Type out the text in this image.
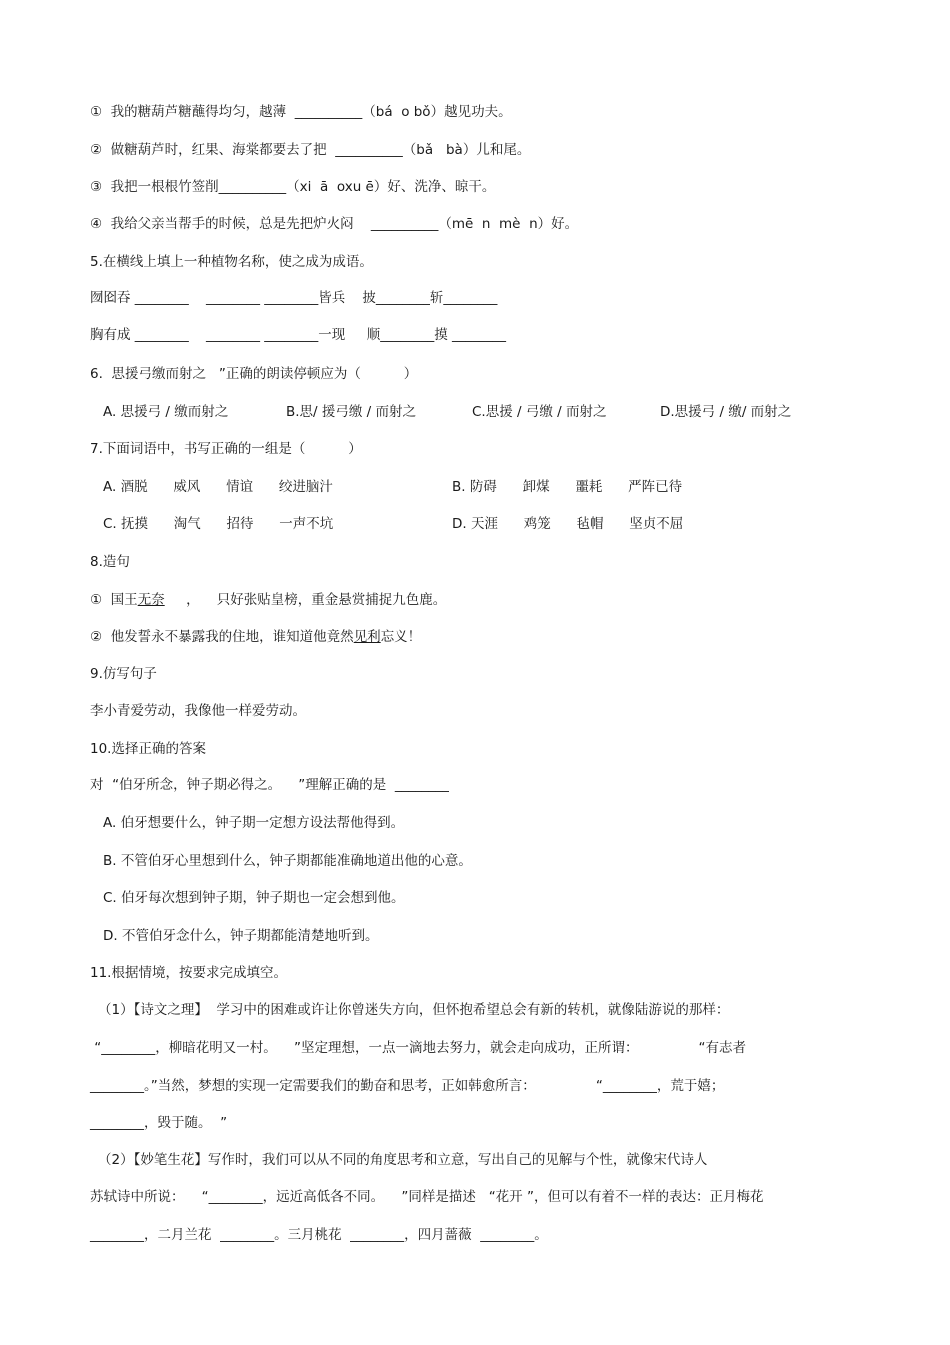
①  我的糖葫芦糖蘸得均匀，越薄  __________（bá  o bǒ）越见功夫。
②  做糖葫芦时，红果、海棠都要去了把  __________（bǎ   bà）儿和尾。
③  我把一根根竹签削__________（xi  ā  oxu ē）好、洗净、晾干。
④  我给父亲当帮手的时候，总是先把炉火闷    __________（mē  n  mè  n）好。
5.在横线上填上一种植物名称，使之成为成语。
囫囵吞 ________    ________ ________皆兵    披________斩________
胸有成 ________    ________ ________一现     顺________摸 ________
6.  思援弓缴而射之   ”正确的朗读停顿应为（          ）
A. 思援弓 / 缴而射之	B.思/ 援弓缴 / 而射之	C.思援 / 弓缴 / 而射之	D.思援弓 / 缴/ 而射之
7.下面词语中，书写正确的一组是（          ）
A. 酒脱      威风      情谊      绞进脑汁	B. 防碍      卸煤      噩耗      严阵已待
C. 抚摸      淘气      招待      一声不坑	D. 天涯      鸡笼      毡帽      坚贞不屈
8.造句
①  国王无奈     ，    只好张贴皇榜，重金悬赏捕捉九色鹿。
②  他发誓永不暴露我的住地，谁知道他竟然见利忘义！
9.仿写句子
李小青爱劳动，我像他一样爱劳动。
10.选择正确的答案
对  “伯牙所念，钟子期必得之。    ”理解正确的是  ________
A. 伯牙想要什么，钟子期一定想方设法帮他得到。
B. 不管伯牙心里想到什么，钟子期都能准确地道出他的心意。
C. 伯牙每次想到钟子期，钟子期也一定会想到他。
D. 不管伯牙念什么，钟子期都能清楚地听到。
11.根据情境，按要求完成填空。
（1）【诗文之理】  学习中的困难或许让你曾迷失方向，但怀抱希望总会有新的转机，就像陆游说的那样：
“________，柳暗花明又一村。    ”坚定理想，一点一滴地去努力，就会走向成功，正所谓：              “有志者
________。”当然，梦想的实现一定需要我们的勤奋和思考，正如韩愈所言：              “________，荒于嬉；
________，毁于随。  ”
（2）【妙笔生花】写作时，我们可以从不同的角度思考和立意，写出自己的见解与个性，就像宋代诗人
苏轼诗中所说：    “________，远近高低各不同。    ”同样是描述   “花开 ”，但可以有着不一样的表达：正月梅花
________，二月兰花  ________。三月桃花  ________，四月蔷薇  ________。
